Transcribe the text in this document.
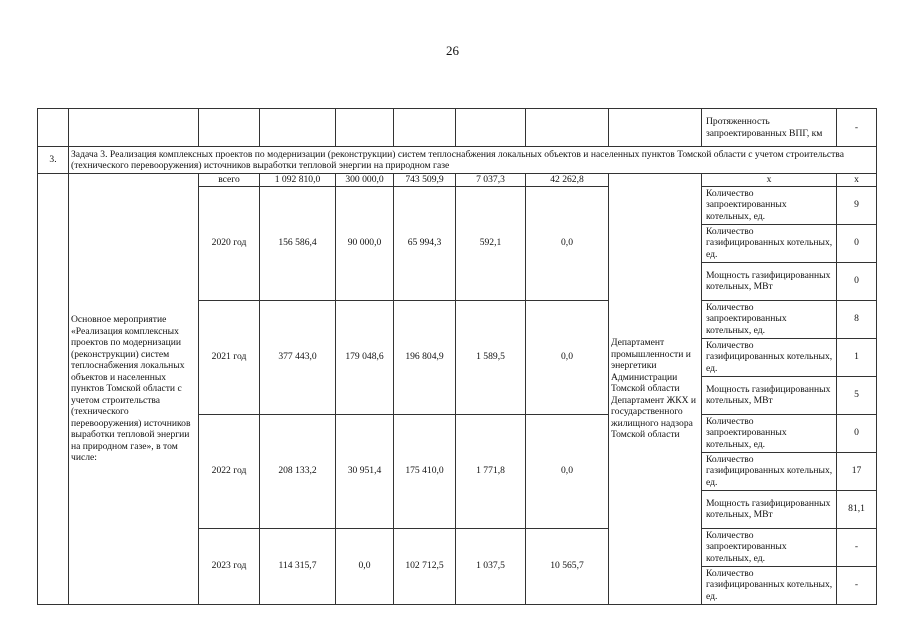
26
									Протяженность запроектированных ВПГ, км	-
3.	Задача 3. Реализация комплексных проектов по модернизации (реконструкции) систем теплоснабжения локальных объектов и населенных пунктов Томской области с учетом строительства (технического перевооружения) источников выработки тепловой энергии на природном газе									
	Основное мероприятие «Реализация комплексных проектов по модернизации (реконструкции) систем теплоснабжения локальных объектов и населенных пунктов Томской области с учетом строительства (технического перевооружения) источников выработки тепловой энергии на природном газе», в том числе:	всего	1 092 810,0	300 000,0	743 509,9	7 037,3	42 262,8	Департамент промышленности и энергетики Администрации Томской области Департамент ЖКХ и государственного жилищного надзора Томской области	х	х
		2020 год	156 586,4	90 000,0	65 994,3	592,1	0,0		Количество запроектированных котельных, ед.	9
									Количество газифицированных котельных, ед.	0
									Мощность газифицированных котельных, МВт	0
		2021 год	377 443,0	179 048,6	196 804,9	1 589,5	0,0		Количество запроектированных котельных, ед.	8
									Количество газифицированных котельных, ед.	1
									Мощность газифицированных котельных, МВт	5
		2022 год	208 133,2	30 951,4	175 410,0	1 771,8	0,0		Количество запроектированных котельных, ед.	0
									Количество газифицированных котельных, ед.	17
									Мощность газифицированных котельных, МВт	81,1
		2023 год	114 315,7	0,0	102 712,5	1 037,5	10 565,7		Количество запроектированных котельных, ед.	-
									Количество газифицированных котельных, ед.	-
